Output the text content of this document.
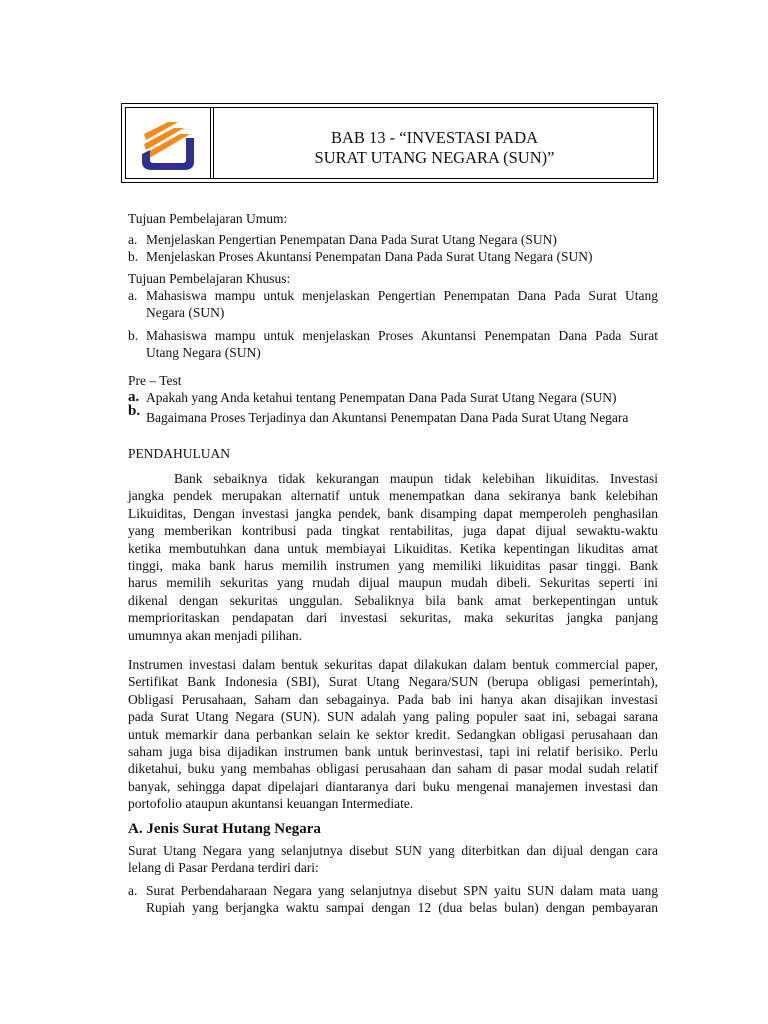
BAB 13 - “INVESTASI PADA
SURAT UTANG NEGARA (SUN)”
Tujuan Pembelajaran Umum:
a. Menjelaskan Pengertian Penempatan Dana Pada Surat Utang Negara (SUN)
b. Menjelaskan Proses Akuntansi Penempatan Dana Pada Surat Utang Negara (SUN)
Tujuan Pembelajaran Khusus:
a. Mahasiswa mampu untuk menjelaskan Pengertian Penempatan Dana Pada Surat Utang
Negara (SUN)
b. Mahasiswa mampu untuk menjelaskan Proses Akuntansi Penempatan Dana Pada Surat
Utang Negara (SUN)
Pre – Test
a. Apakah yang Anda ketahui tentang Penempatan Dana Pada Surat Utang Negara (SUN)
b. Bagaimana Proses Terjadinya dan Akuntansi Penempatan Dana Pada Surat Utang Negara
PENDAHULUAN
Bank sebaiknya tidak kekurangan maupun tidak kelebihan likuiditas. Investasi
jangka pendek merupakan alternatif untuk menempatkan dana sekiranya bank kelebihan
Likuiditas, Dengan investasi jangka pendek, bank disamping dapat memperoleh penghasilan
yang memberikan kontribusi pada tingkat rentabilitas, juga dapat dijual sewaktu-waktu
ketika membutuhkan dana untuk membiayai Likuiditas. Ketika kepentingan likuditas amat
tinggi, maka bank harus memilih instrumen yang memiliki likuiditas pasar tinggi. Bank
harus memilih sekuritas yang rnudah dijual maupun mudah dibeli. Sekuritas seperti ini
dikenal dengan sekuritas unggulan. Sebaliknya bila bank amat berkepentingan untuk
memprioritaskan pendapatan dari investasi sekuritas, maka sekuritas jangka panjang
umumnya akan menjadi pilihan.
Instrumen investasi dalam bentuk sekuritas dapat dilakukan dalam bentuk commercial paper,
Sertifikat Bank Indonesia (SBI), Surat Utang Negara/SUN (berupa obligasi pemerintah),
Obligasi Perusahaan, Saham dan sebagainya. Pada bab ini hanya akan disajikan investasi
pada Surat Utang Negara (SUN). SUN adalah yang paling populer saat ini, sebagai sarana
untuk memarkir dana perbankan selain ke sektor kredit. Sedangkan obligasi perusahaan dan
saham juga bisa dijadikan instrumen bank untuk berinvestasi, tapi ini relatif berisiko. Perlu
diketahui, buku yang membahas obligasi perusahaan dan saham di pasar modal sudah relatif
banyak, sehingga dapat dipelajari diantaranya dari buku mengenai manajemen investasi dan
portofolio ataupun akuntansi keuangan Intermediate.
A. Jenis Surat Hutang Negara
Surat Utang Negara yang selanjutnya disebut SUN yang diterbitkan dan dijual dengan cara
lelang di Pasar Perdana terdiri dari:
a. Surat Perbendaharaan Negara yang selanjutnya disebut SPN yaitu SUN dalam mata uang
Rupiah yang berjangka waktu sampai dengan 12 (dua belas bulan) dengan pembayaran
